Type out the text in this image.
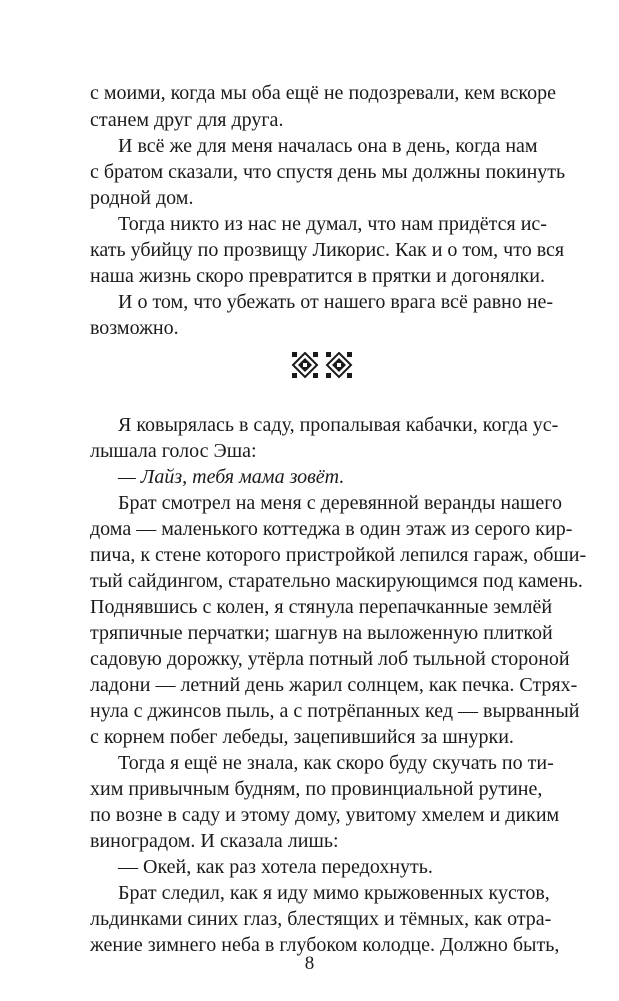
с моими, когда мы оба ещё не подозревали, кем вскоре
станем друг для друга.
И всё же для меня началась она в день, когда нам
с братом сказали, что спустя день мы должны покинуть
родной дом.
Тогда никто из нас не думал, что нам придётся ис-
кать убийцу по прозвищу Ликорис. Как и о том, что вся
наша жизнь скоро превратится в прятки и догонялки.
И о том, что убежать от нашего врага всё равно не-
возможно.
Я ковырялась в саду, пропалывая кабачки, когда ус-
лышала голос Эша:
— Лайз, тебя мама зовёт.
Брат смотрел на меня с деревянной веранды нашего
дома — маленького коттеджа в один этаж из серого кир-
пича, к стене которого пристройкой лепился гараж, обши-
тый сайдингом, старательно маскирующимся под камень.
Поднявшись с колен, я стянула перепачканные землёй
тряпичные перчатки; шагнув на выложенную плиткой
садовую дорожку, утёрла потный лоб тыльной стороной
ладони — летний день жарил солнцем, как печка. Стрях-
нула с джинсов пыль, а с потрёпанных кед — вырванный
с корнем побег лебеды, зацепившийся за шнурки.
Тогда я ещё не знала, как скоро буду скучать по ти-
хим привычным будням, по провинциальной рутине,
по возне в саду и этому дому, увитому хмелем и диким
виноградом. И сказала лишь:
— Окей, как раз хотела передохнуть.
Брат следил, как я иду мимо крыжовенных кустов,
льдинками синих глаз, блестящих и тёмных, как отра-
жение зимнего неба в глубоком колодце. Должно быть,
8
